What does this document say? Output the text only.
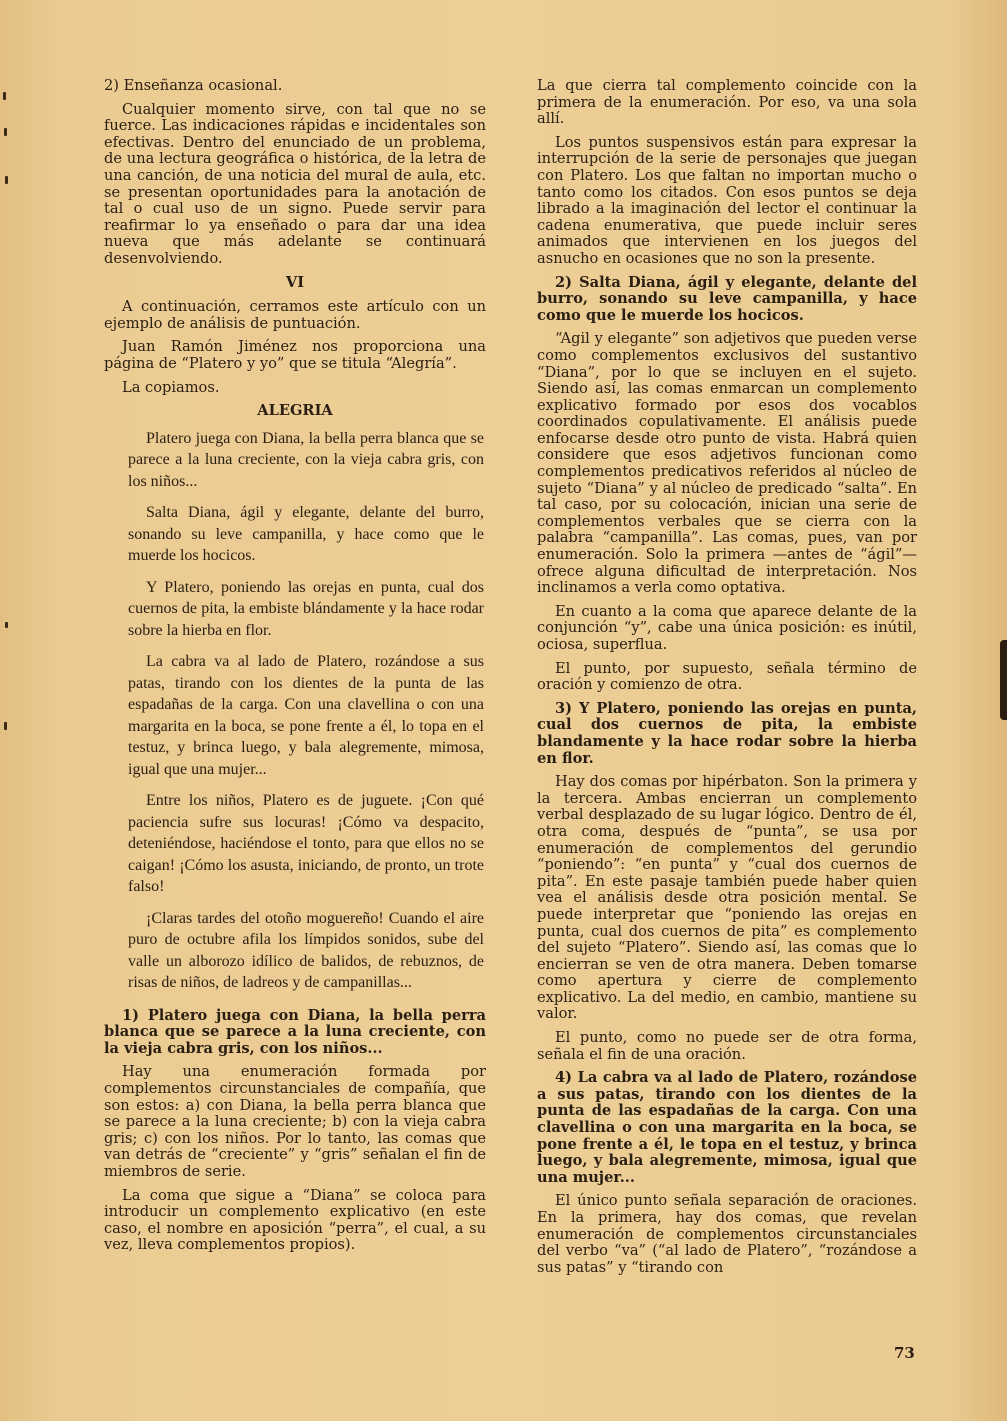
2) Enseñanza ocasional.

Cualquier momento sirve, con tal que no se fuerce. Las indicaciones rápidas e incidentales son efectivas. Dentro del enunciado de un problema, de una lectura geográfica o histórica, de la letra de una canción, de una noticia del mural de aula, etc. se presentan oportunidades para la anotación de tal o cual uso de un signo. Puede servir para reafirmar lo ya enseñado o para dar una idea nueva que más adelante se continuará desenvolviendo.

VI

A continuación, cerramos este artículo con un ejemplo de análisis de puntuación.

Juan Ramón Jiménez nos proporciona una página de “Platero y yo” que se titula “Alegría”.

La copiamos.

ALEGRIA

Platero juega con Diana, la bella perra blanca que se parece a la luna creciente, con la vieja cabra gris, con los niños...

Salta Diana, ágil y elegante, delante del burro, sonando su leve campanilla, y hace como que le muerde los hocicos.

Y Platero, poniendo las orejas en punta, cual dos cuernos de pita, la embiste blándamente y la hace rodar sobre la hierba en flor.

La cabra va al lado de Platero, rozándose a sus patas, tirando con los dientes de la punta de las espadañas de la carga. Con una clavellina o con una margarita en la boca, se pone frente a él, lo topa en el testuz, y brinca luego, y bala alegremente, mimosa, igual que una mujer...

Entre los niños, Platero es de juguete. ¡Con qué paciencia sufre sus locuras! ¡Cómo va despacito, deteniéndose, haciéndose el tonto, para que ellos no se caigan! ¡Cómo los asusta, iniciando, de pronto, un trote falso!

¡Claras tardes del otoño moguereño! Cuando el aire puro de octubre afila los límpidos sonidos, sube del valle un alborozo idílico de balidos, de rebuznos, de risas de niños, de ladreos y de campanillas...

1) Platero juega con Diana, la bella perra blanca que se parece a la luna creciente, con la vieja cabra gris, con los niños...

Hay una enumeración formada por complementos circunstanciales de compañía, que son estos: a) con Diana, la bella perra blanca que se parece a la luna creciente; b) con la vieja cabra gris; c) con los niños. Por lo tanto, las comas que van detrás de “creciente” y “gris” señalan el fin de miembros de serie.

La coma que sigue a “Diana” se coloca para introducir un complemento explicativo (en este caso, el nombre en aposición “perra”, el cual, a su vez, lleva complementos propios).

La que cierra tal complemento coincide con la primera de la enumeración. Por eso, va una sola allí.

Los puntos suspensivos están para expresar la interrupción de la serie de personajes que juegan con Platero. Los que faltan no importan mucho o tanto como los citados. Con esos puntos se deja librado a la imaginación del lector el continuar la cadena enumerativa, que puede incluir seres animados que intervienen en los juegos del asnucho en ocasiones que no son la presente.

2) Salta Diana, ágil y elegante, delante del burro, sonando su leve campanilla, y hace como que le muerde los hocicos.

“Agil y elegante” son adjetivos que pueden verse como complementos exclusivos del sustantivo “Diana”, por lo que se incluyen en el sujeto. Siendo así, las comas enmarcan un complemento explicativo formado por esos dos vocablos coordinados copulativamente. El análisis puede enfocarse desde otro punto de vista. Habrá quien considere que esos adjetivos funcionan como complementos predicativos referidos al núcleo de sujeto “Diana” y al núcleo de predicado “salta”. En tal caso, por su colocación, inician una serie de complementos verbales que se cierra con la palabra “campanilla”. Las comas, pues, van por enumeración. Solo la primera —antes de “ágil”— ofrece alguna dificultad de interpretación. Nos inclinamos a verla como optativa.

En cuanto a la coma que aparece delante de la conjunción “y”, cabe una única posición: es inútil, ociosa, superflua.

El punto, por supuesto, señala término de oración y comienzo de otra.

3) Y Platero, poniendo las orejas en punta, cual dos cuernos de pita, la embiste blandamente y la hace rodar sobre la hierba en flor.

Hay dos comas por hipérbaton. Son la primera y la tercera. Ambas encierran un complemento verbal desplazado de su lugar lógico. Dentro de él, otra coma, después de “punta”, se usa por enumeración de complementos del gerundio “poniendo”: “en punta” y “cual dos cuernos de pita”. En este pasaje también puede haber quien vea el análisis desde otra posición mental. Se puede interpretar que “poniendo las orejas en punta, cual dos cuernos de pita” es complemento del sujeto “Platero”. Siendo así, las comas que lo encierran se ven de otra manera. Deben tomarse como apertura y cierre de complemento explicativo. La del medio, en cambio, mantiene su valor.

El punto, como no puede ser de otra forma, señala el fin de una oración.

4) La cabra va al lado de Platero, rozándose a sus patas, tirando con los dientes de la punta de las espadañas de la carga. Con una clavellina o con una margarita en la boca, se pone frente a él, le topa en el testuz, y brinca luego, y bala alegremente, mimosa, igual que una mujer...

El único punto señala separación de oraciones. En la primera, hay dos comas, que revelan enumeración de complementos circunstanciales del verbo “va” (“al lado de Platero”, “rozándose a sus patas” y “tirando con

73
